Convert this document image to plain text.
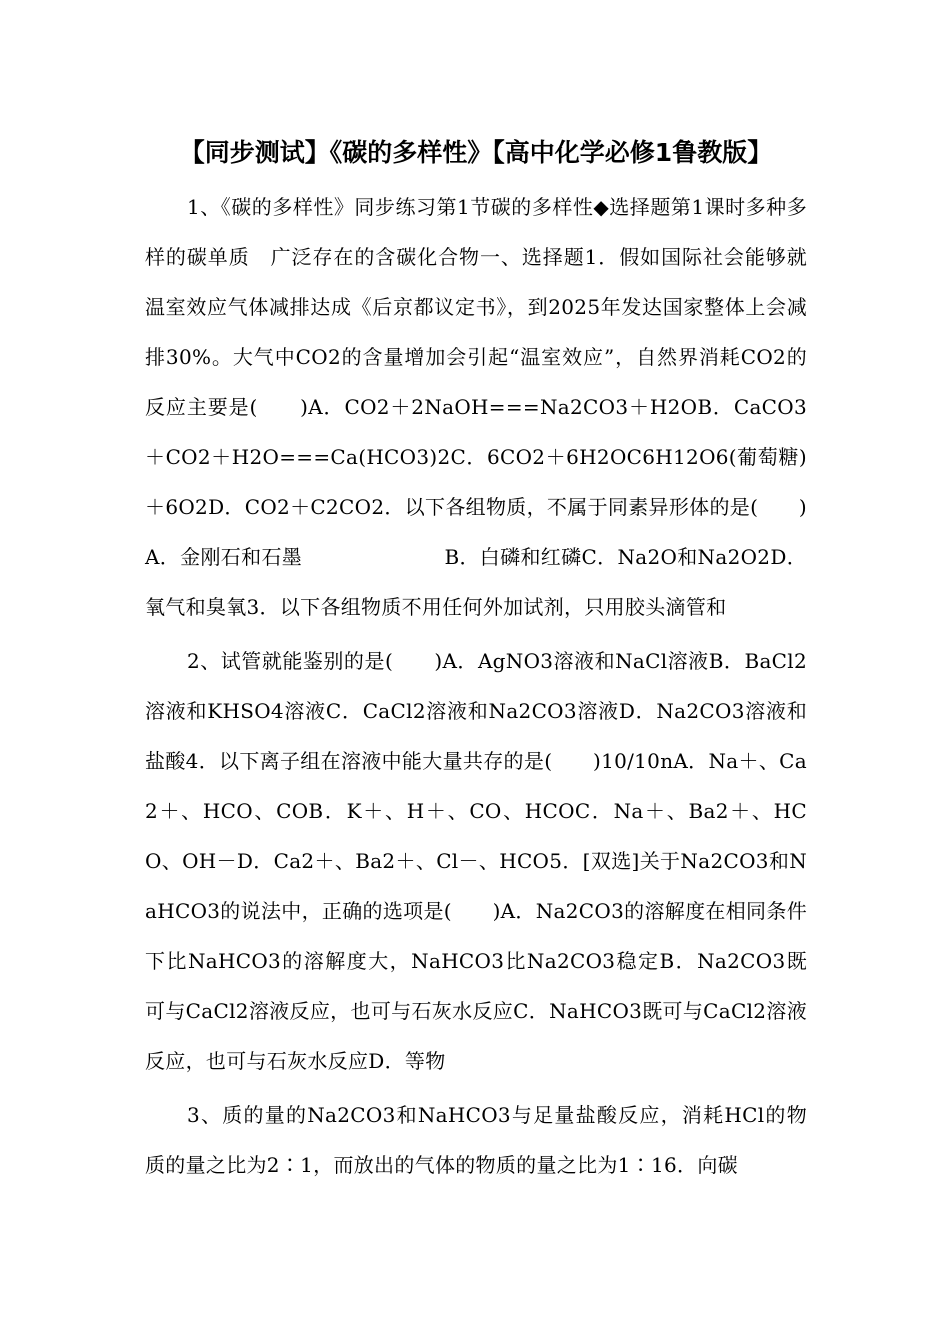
【同步测试】《碳的多样性》【高中化学必修1鲁教版】

1、《碳的多样性》同步练习第1节碳的多样性◆选择题第1课时多种多样的碳单质　广泛存在的含碳化合物一、选择题1．假如国际社会能够就温室效应气体减排达成《后京都议定书》，到2025年发达国家整体上会减排30%。大气中CO2的含量增加会引起“温室效应”，自然界消耗CO2的反应主要是(　　)A．CO2＋2NaOH===Na2CO3＋H2OB．CaCO3＋CO2＋H2O===Ca(HCO3)2C．6CO2＋6H2OC6H12O6(葡萄糖)＋6O2D．CO2＋C2CO2．以下各组物质，不属于同素异形体的是(　　)A．金刚石和石墨　　　　　　　B．白磷和红磷C．Na2O和Na2O2D．氧气和臭氧3．以下各组物质不用任何外加试剂，只用胶头滴管和

2、试管就能鉴别的是(　　)A．AgNO3溶液和NaCl溶液B．BaCl2溶液和KHSO4溶液C．CaCl2溶液和Na2CO3溶液D．Na2CO3溶液和盐酸4．以下离子组在溶液中能大量共存的是(　　)10/10nA．Na＋、Ca2＋、HCO、COB．K＋、H＋、CO、HCOC．Na＋、Ba2＋、HCO、OH－D．Ca2＋、Ba2＋、Cl－、HCO5．[双选]关于Na2CO3和NaHCO3的说法中，正确的选项是(　　)A．Na2CO3的溶解度在相同条件下比NaHCO3的溶解度大，NaHCO3比Na2CO3稳定B．Na2CO3既可与CaCl2溶液反应，也可与石灰水反应C．NaHCO3既可与CaCl2溶液反应，也可与石灰水反应D．等物

3、质的量的Na2CO3和NaHCO3与足量盐酸反应，消耗HCl的物质的量之比为2∶1，而放出的气体的物质的量之比为1∶16．向碳
